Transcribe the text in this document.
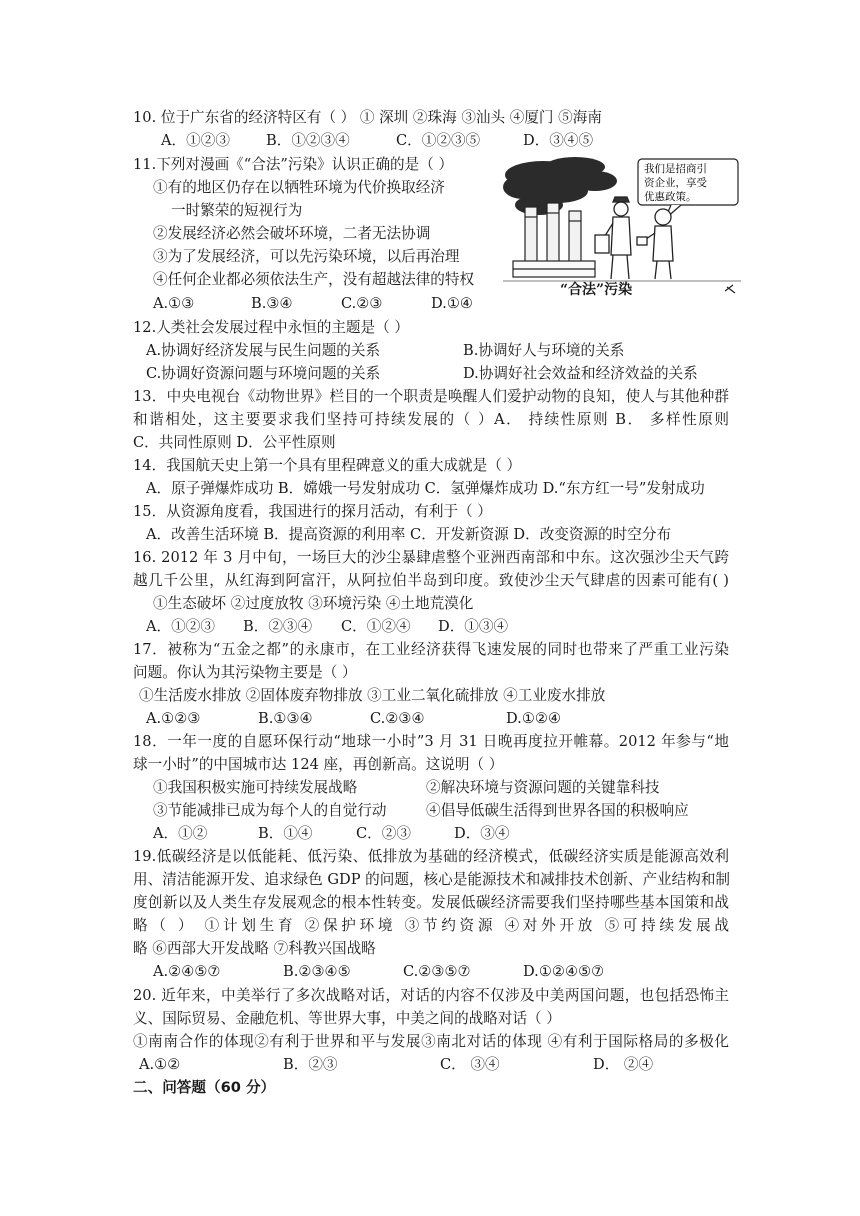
10. 位于广东省的经济特区有（ ） ① 深圳 ②珠海 ③汕头 ④厦门 ⑤海南
A．①②③ B．①②③④	C．①②③⑤	D．③④⑤
11.下列对漫画《“合法”污染》认识正确的是（ ）
①有的地区仍存在以牺牲环境为代价换取经济
一时繁荣的短视行为
②发展经济必然会破坏环境，二者无法协调
③为了发展经济，可以先污染环境，以后再治理
④任何企业都必须依法生产，没有超越法律的特权
A.①③	B.③④	C.②③	D.①④
我们是招商引
资企业，享受
优惠政策。
“合法”污染
12.人类社会发展过程中永恒的主题是（ ）
A.协调好经济发展与民生问题的关系	B.协调好人与环境的关系
C.协调好资源问题与环境问题的关系	D.协调好社会效益和经济效益的关系
13．中央电视台《动物世界》栏目的一个职责是唤醒人们爱护动物的良知，使人与其他种群
和谐相处，这主要要求我们坚持可持续发展的（ ）A． 持续性原则 B． 多样性原则
C．共同性原则 D．公平性原则
14．我国航天史上第一个具有里程碑意义的重大成就是（ ）
A．原子弹爆炸成功 B．嫦娥一号发射成功 C．氢弹爆炸成功 D.“东方红一号”发射成功
15．从资源角度看，我国进行的探月活动，有利于（ ）
A．改善生活环境 B．提高资源的利用率 C．开发新资源 D．改变资源的时空分布
16. 2012 年 3 月中旬，一场巨大的沙尘暴肆虐整个亚洲西南部和中东。这次强沙尘天气跨
越几千公里，从红海到阿富汗，从阿拉伯半岛到印度。致使沙尘天气肆虐的因素可能有( )
①生态破坏 ②过度放牧 ③环境污染 ④土地荒漠化
A．①②③ B．②③④ C．①②④ D．①③④
17．被称为“五金之都”的永康市，在工业经济获得飞速发展的同时也带来了严重工业污染
问题。你认为其污染物主要是（ ）
①生活废水排放 ②固体废弃物排放 ③工业二氧化硫排放 ④工业废水排放
A.①②③	B.①③④	C.②③④	D.①②④
18．一年一度的自愿环保行动“地球一小时”3 月 31 日晚再度拉开帷幕。2012 年参与“地
球一小时”的中国城市达 124 座，再创新高。这说明（ ）
①我国积极实施可持续发展战略	②解决环境与资源问题的关键靠科技
③节能减排已成为每个人的自觉行动	④倡导低碳生活得到世界各国的积极响应
A．①②	B．①④	C．②③	D．③④
19.低碳经济是以低能耗、低污染、低排放为基础的经济模式，低碳经济实质是能源高效利
用、清洁能源开发、追求绿色 GDP 的问题，核心是能源技术和减排技术创新、产业结构和制
度创新以及人类生存发展观念的根本性转变。发展低碳经济需要我们坚持哪些基本国策和战
略（ ） ①计划生育 ②保护环境 ③节约资源 ④对外开放 ⑤可持续发展战
略 ⑥西部大开发战略 ⑦科教兴国战略
A.②④⑤⑦	B.②③④⑤	C.②③⑤⑦	D.①②④⑤⑦
20. 近年来，中美举行了多次战略对话，对话的内容不仅涉及中美两国问题，也包括恐怖主
义、国际贸易、金融危机、等世界大事，中美之间的战略对话（ ）
①南南合作的体现②有利于世界和平与发展③南北对话的体现 ④有利于国际格局的多极化
A.①②	B．②③	C． ③④	D． ②④
二、问答题（60 分）
